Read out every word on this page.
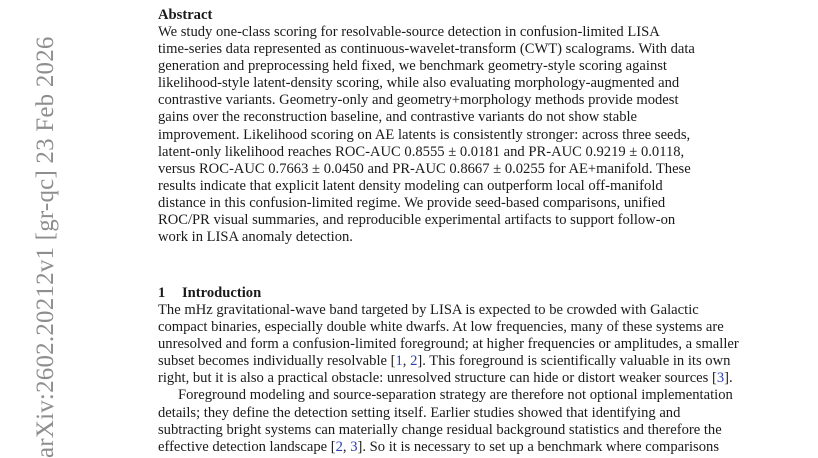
arXiv:2602.20212v1 [gr-qc] 23 Feb 2026
Abstract
We study one-class scoring for resolvable-source detection in confusion-limited LISA
time-series data represented as continuous-wavelet-transform (CWT) scalograms. With data
generation and preprocessing held fixed, we benchmark geometry-style scoring against
likelihood-style latent-density scoring, while also evaluating morphology-augmented and
contrastive variants. Geometry-only and geometry+morphology methods provide modest
gains over the reconstruction baseline, and contrastive variants do not show stable
improvement. Likelihood scoring on AE latents is consistently stronger: across three seeds,
latent-only likelihood reaches ROC-AUC 0.8555 ± 0.0181 and PR-AUC 0.9219 ± 0.0118,
versus ROC-AUC 0.7663 ± 0.0450 and PR-AUC 0.8667 ± 0.0255 for AE+manifold. These
results indicate that explicit latent density modeling can outperform local off-manifold
distance in this confusion-limited regime. We provide seed-based comparisons, unified
ROC/PR visual summaries, and reproducible experimental artifacts to support follow-on
work in LISA anomaly detection.
1 Introduction
The mHz gravitational-wave band targeted by LISA is expected to be crowded with Galactic
compact binaries, especially double white dwarfs. At low frequencies, many of these systems are
unresolved and form a confusion-limited foreground; at higher frequencies or amplitudes, a smaller
subset becomes individually resolvable [1, 2]. This foreground is scientifically valuable in its own
right, but it is also a practical obstacle: unresolved structure can hide or distort weaker sources [3].
Foreground modeling and source-separation strategy are therefore not optional implementation
details; they define the detection setting itself. Earlier studies showed that identifying and
subtracting bright systems can materially change residual background statistics and therefore the
effective detection landscape [2, 3]. So it is necessary to set up a benchmark where comparisons
